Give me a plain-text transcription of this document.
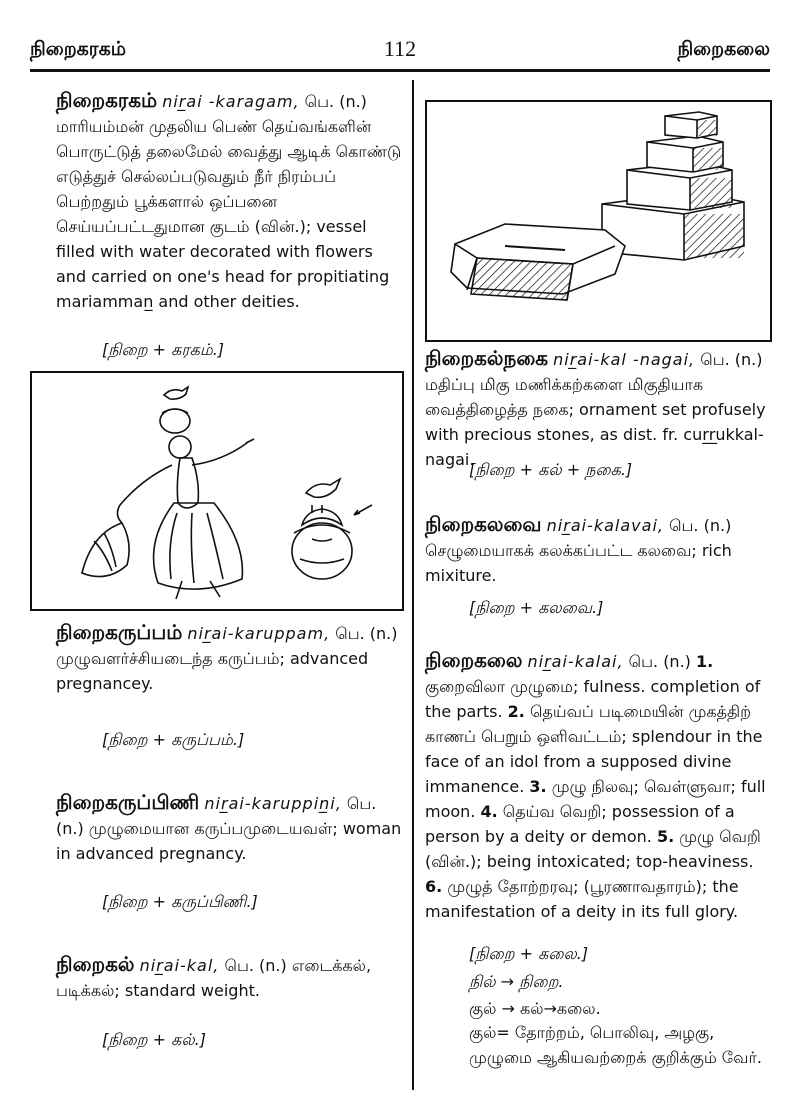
நிறைகரகம்	112	நிறைகலை
நிறைகரகம் nir̲ai -karagam, பெ. (n.) மாரியம்மன் முதலிய பெண் தெய்வங்களின் பொருட்டுத் தலைமேல் வைத்து ஆடிக் கொண்டு எடுத்துச் செல்லப்படுவதும் நீர் நிரம்பப் பெற்றதும் பூக்களால் ஒப்பனை செய்யப்பட்டதுமான குடம் (வின்.); vessel filled with water decorated with flowers and carried on one's head for propitiating mariamman̲ and other deities.
[நிறை + கரகம்.]
நிறைகருப்பம் nir̲ai-karuppam, பெ. (n.) முழுவளர்ச்சியடைந்த கருப்பம்; advanced pregnancey.
[நிறை + கருப்பம்.]
நிறைகருப்பிணி nir̲ai-karuppin̲i, பெ. (n.) முழுமையான கருப்பமுடையவள்; woman in advanced pregnancy.
[நிறை + கருப்பிணி.]
நிறைகல் nir̲ai-kal, பெ. (n.) எடைக்கல், படிக்கல்; standard weight.
[நிறை + கல்.]
நிறைகல்நகை nir̲ai-kal -nagai, பெ. (n.) மதிப்பு மிகு மணிக்கற்களை மிகுதியாக வைத்திழைத்த நகை; ornament set profusely with precious stones, as dist. fr. cur̲r̲ukkal-nagai.
[நிறை + கல் + நகை.]
நிறைகலவை nir̲ai-kalavai, பெ. (n.) செழுமையாகக் கலக்கப்பட்ட கலவை; rich mixiture.
[நிறை + கலவை.]
நிறைகலை nir̲ai-kalai, பெ. (n.) 1. குறைவிலா முழுமை; fulness. completion of the parts. 2. தெய்வப் படிமையின் முகத்திற் காணப் பெறும் ஒளிவட்டம்; splendour in the face of an idol from a supposed divine immanence. 3. முழு நிலவு; வெள்ளுவா; full moon. 4. தெய்வ வெறி; possession of a person by a deity or demon. 5. முழு வெறி (வின்.); being intoxicated; top-heaviness. 6. முழுத் தோற்றரவு; (பூரணாவதாரம்); the manifestation of a deity in its full glory.
[நிறை + கலை.]
நில் → நிறை.
குல் → கல்→கலை.
குல்= தோற்றம், பொலிவு, அழகு, முழுமை ஆகியவற்றைக் குறிக்கும் வேர்.
